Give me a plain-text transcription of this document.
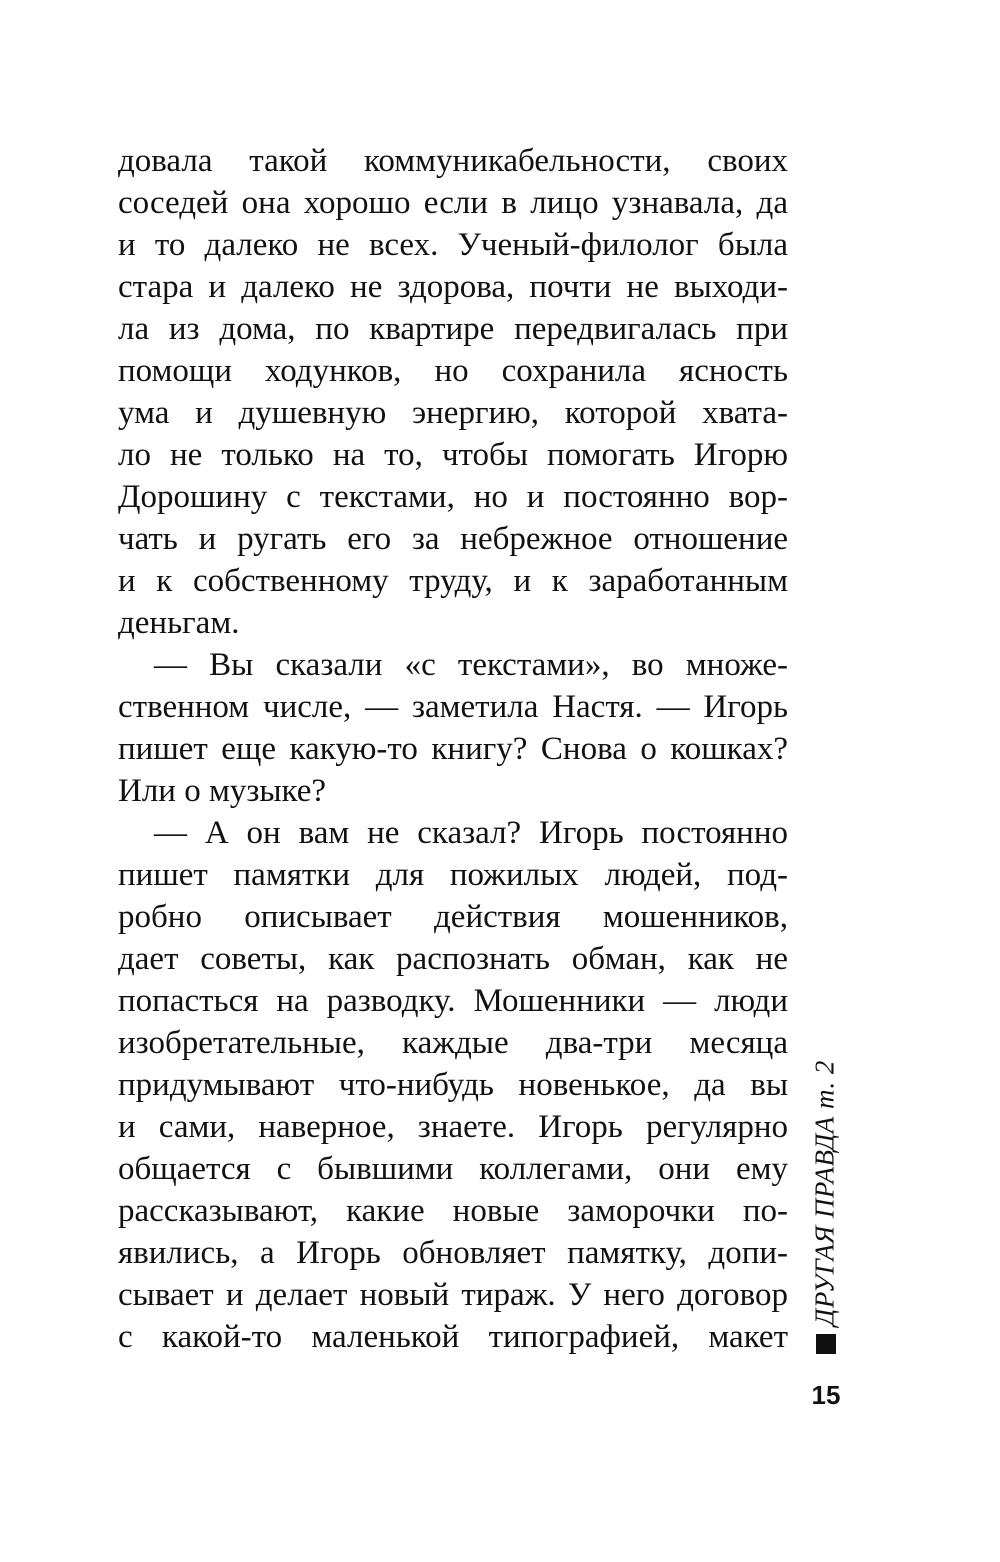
довала такой коммуникабельности, своих
соседей она хорошо если в лицо узнавала, да
и то далеко не всех. Ученый-филолог была
стара и далеко не здорова, почти не выходи-
ла из дома, по квартире передвигалась при
помощи ходунков, но сохранила ясность
ума и душевную энергию, которой хвата-
ло не только на то, чтобы помогать Игорю
Дорошину с текстами, но и постоянно вор-
чать и ругать его за небрежное отношение
и к собственному труду, и к заработанным
деньгам.
— Вы сказали «с текстами», во множе-
ственном числе, — заметила Настя. — Игорь
пишет еще какую-то книгу? Снова о кошках?
Или о музыке?
— А он вам не сказал? Игорь постоянно
пишет памятки для пожилых людей, под-
робно описывает действия мошенников,
дает советы, как распознать обман, как не
попасться на разводку. Мошенники — люди
изобретательные, каждые два-три месяца
придумывают что-нибудь новенькое, да вы
и сами, наверное, знаете. Игорь регулярно
общается с бывшими коллегами, они ему
рассказывают, какие новые заморочки по-
явились, а Игорь обновляет памятку, допи-
сывает и делает новый тираж. У него договор
с какой-то маленькой типографией, макет
ДРУГАЯ ПРАВДА т. 2
15
